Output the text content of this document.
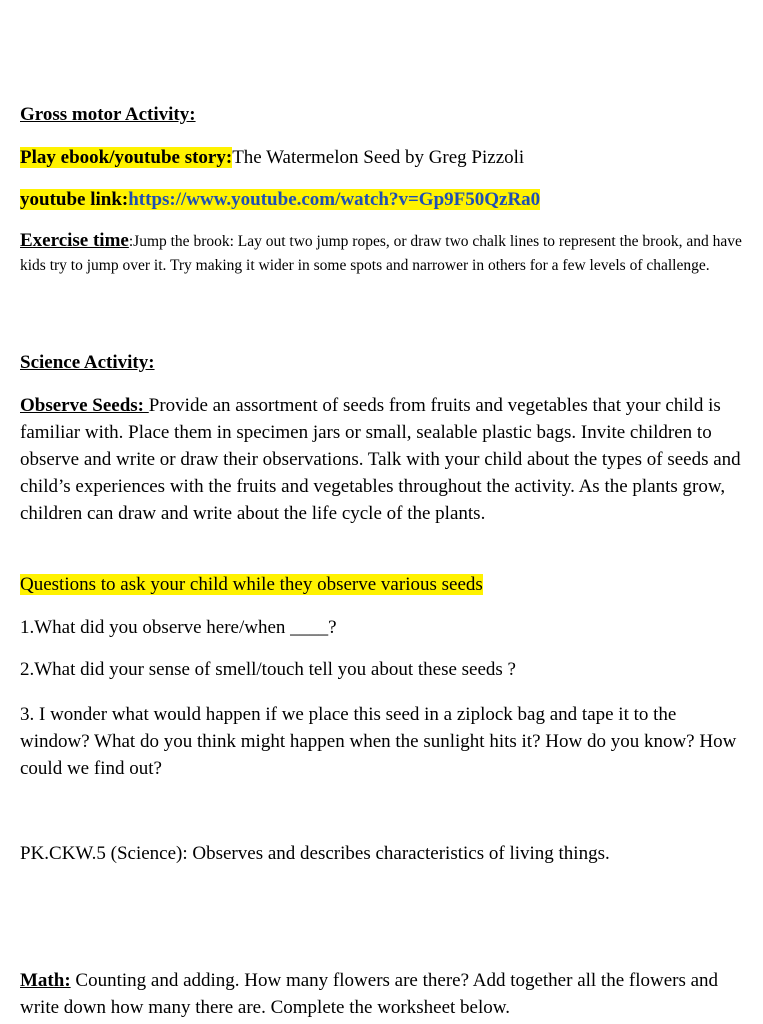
Gross motor Activity:
Play ebook/youtube story:The Watermelon Seed by Greg Pizzoli
youtube link:https://www.youtube.com/watch?v=Gp9F50QzRa0
Exercise time:Jump the brook: Lay out two jump ropes, or draw two chalk lines to represent the brook, and have kids try to jump over it. Try making it wider in some spots and narrower in others for a few levels of challenge.
Science Activity:
Observe Seeds: Provide an assortment of seeds from fruits and vegetables that your child is familiar with. Place them in specimen jars or small, sealable plastic bags. Invite children to observe and write or draw their observations. Talk with your child about the types of seeds and child’s experiences with the fruits and vegetables throughout the activity. As the plants grow, children can draw and write about the life cycle of the plants.
Questions to ask your child while they observe various seeds
1.What did you observe here/when ____?
2.What did your sense of smell/touch tell you about these seeds ?
3. I wonder what would happen if we place this seed in a ziplock bag and tape it to the window? What do you think might happen when the sunlight hits it? How do you know? How could we find out?
PK.CKW.5 (Science): Observes and describes characteristics of living things.
Math: Counting and adding. How many flowers are there? Add together all the flowers and write down how many there are. Complete the worksheet below.
